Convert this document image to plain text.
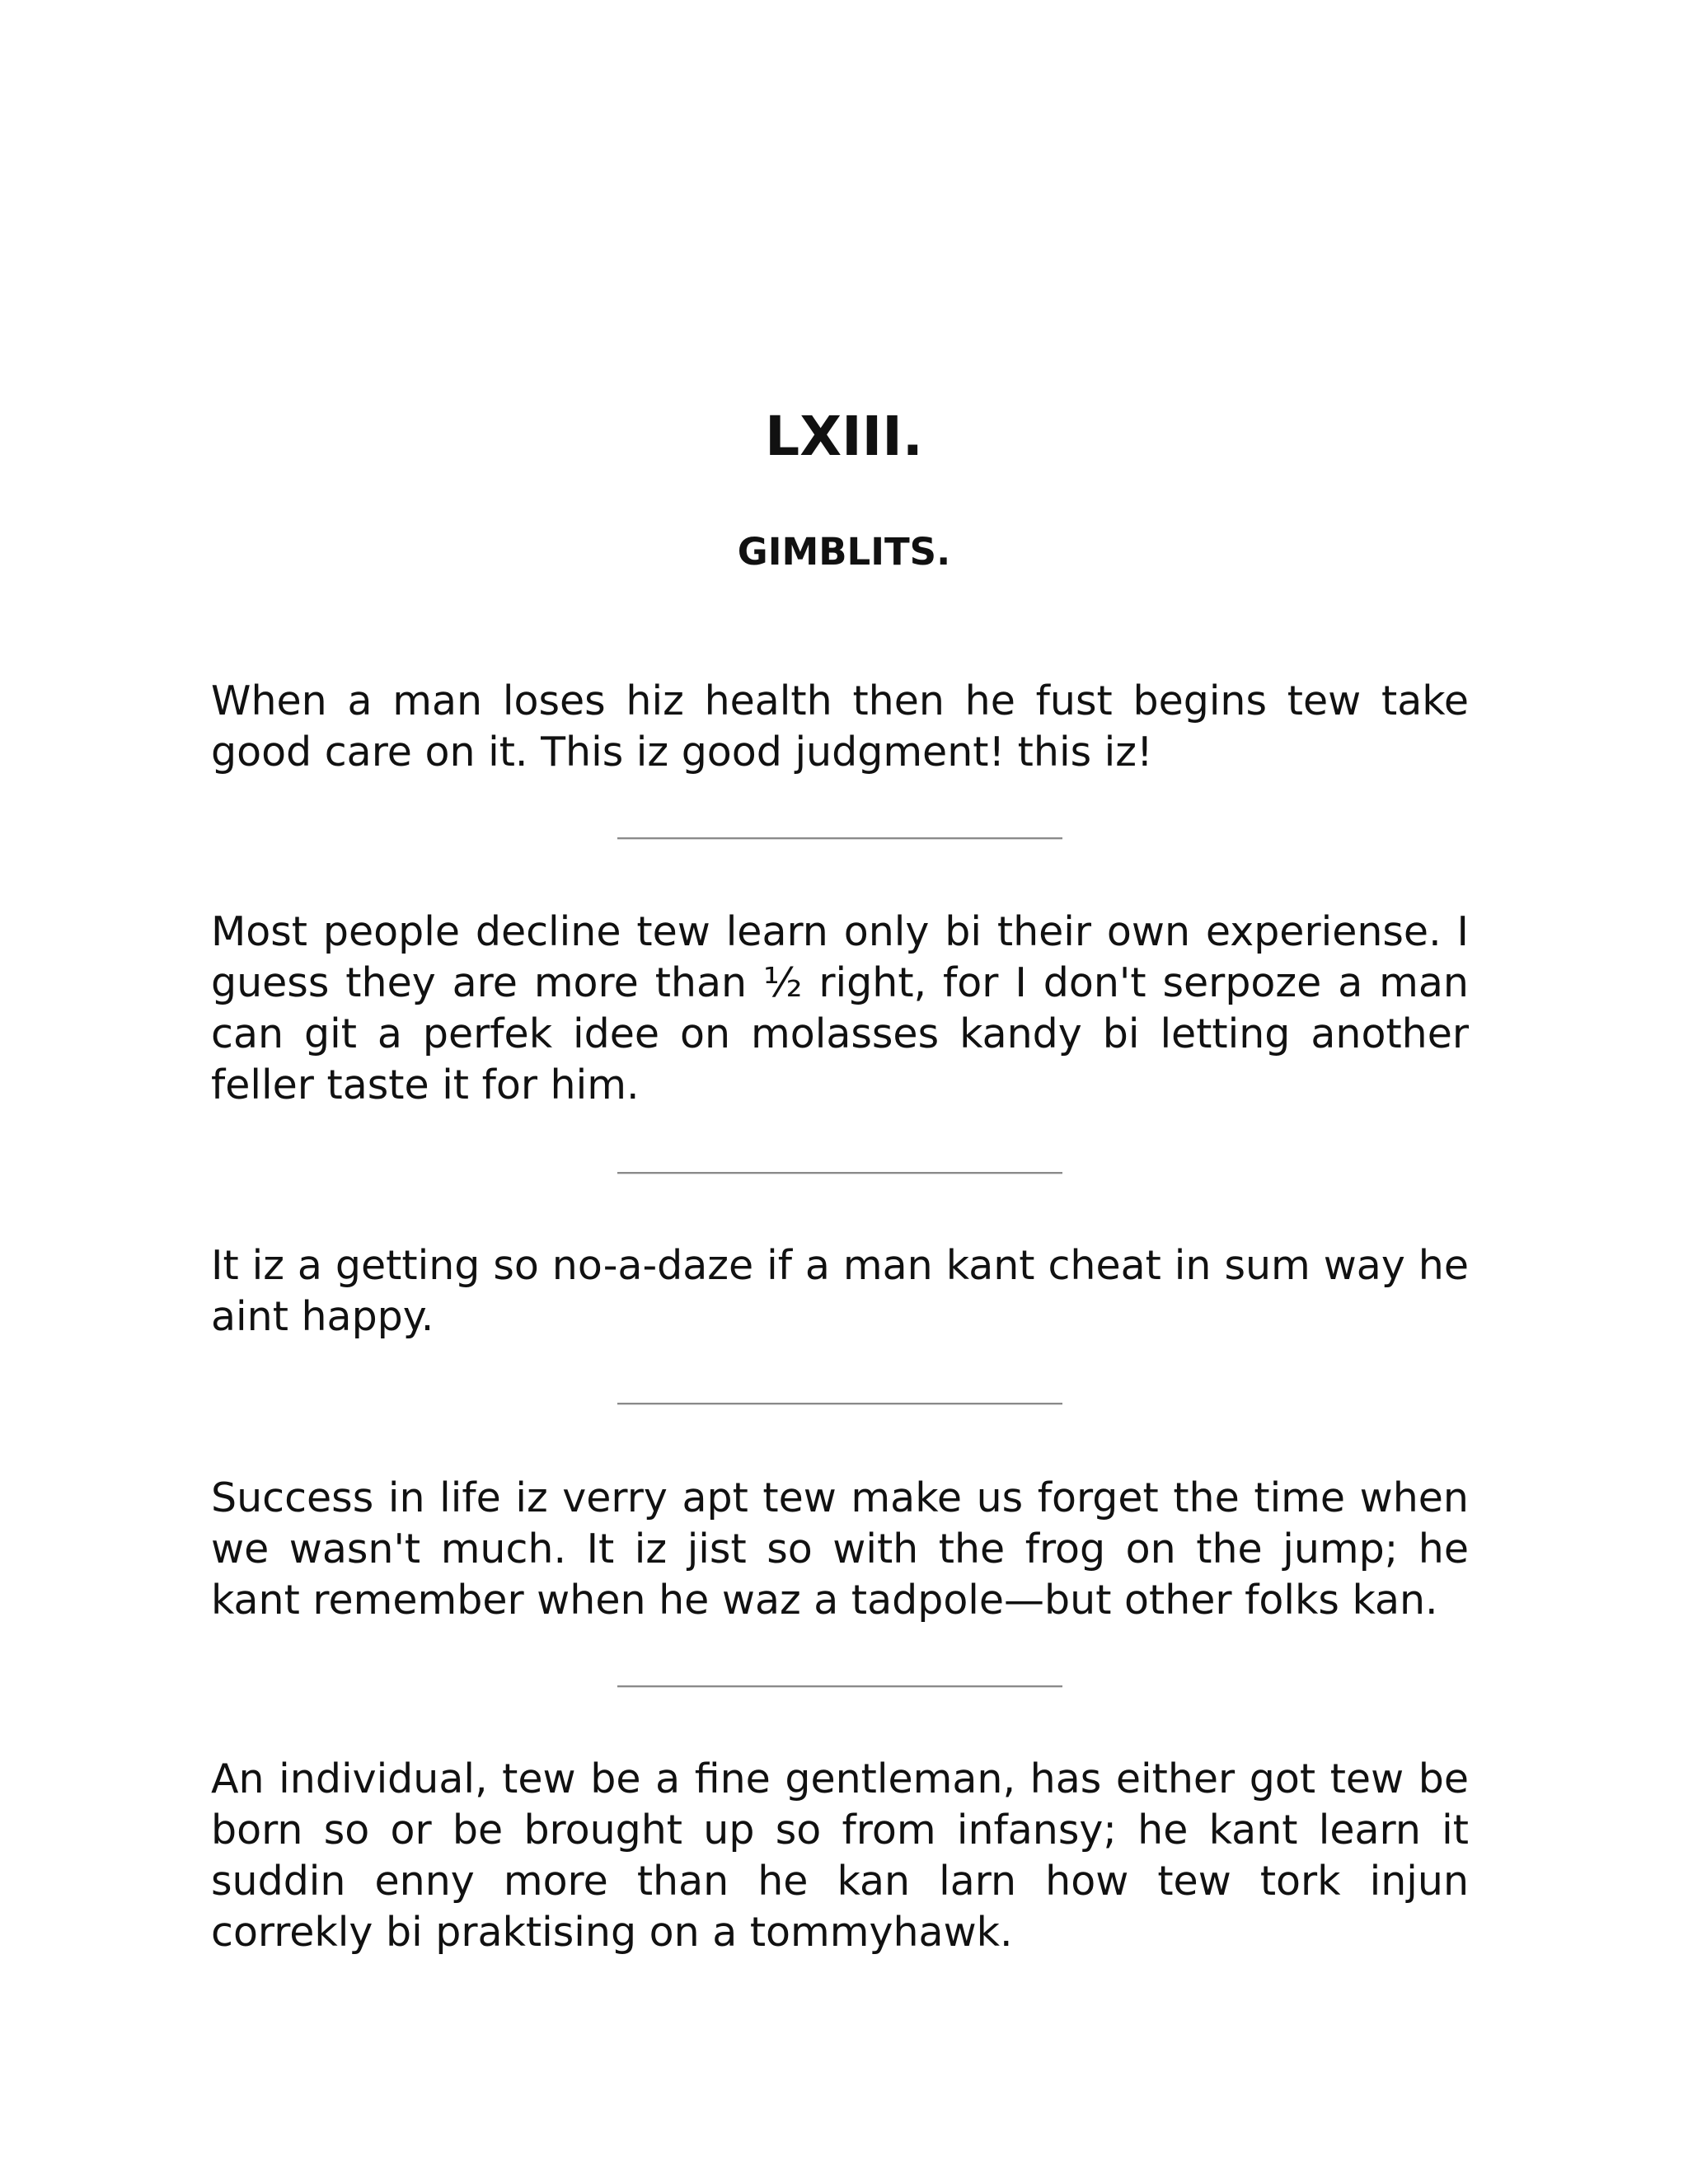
LXIII.
GIMBLITS.

When a man loses hiz health then he fust begins tew take good care on it. This iz good judgment! this iz!

Most people decline tew learn only bi their own experiense. I guess they are more than ½ right, for I don't serpoze a man can git a perfek idee on molasses kandy bi letting another feller taste it for him.

It iz a getting so no-a-daze if a man kant cheat in sum way he aint happy.

Success in life iz verry apt tew make us forget the time when we wasn't much. It iz jist so with the frog on the jump; he kant remember when he waz a tadpole—but other folks kan.

An individual, tew be a fine gentleman, has either got tew be born so or be brought up so from infansy; he kant learn it suddin enny more than he kan larn how tew tork injun correkly bi praktising on a tommyhawk.
